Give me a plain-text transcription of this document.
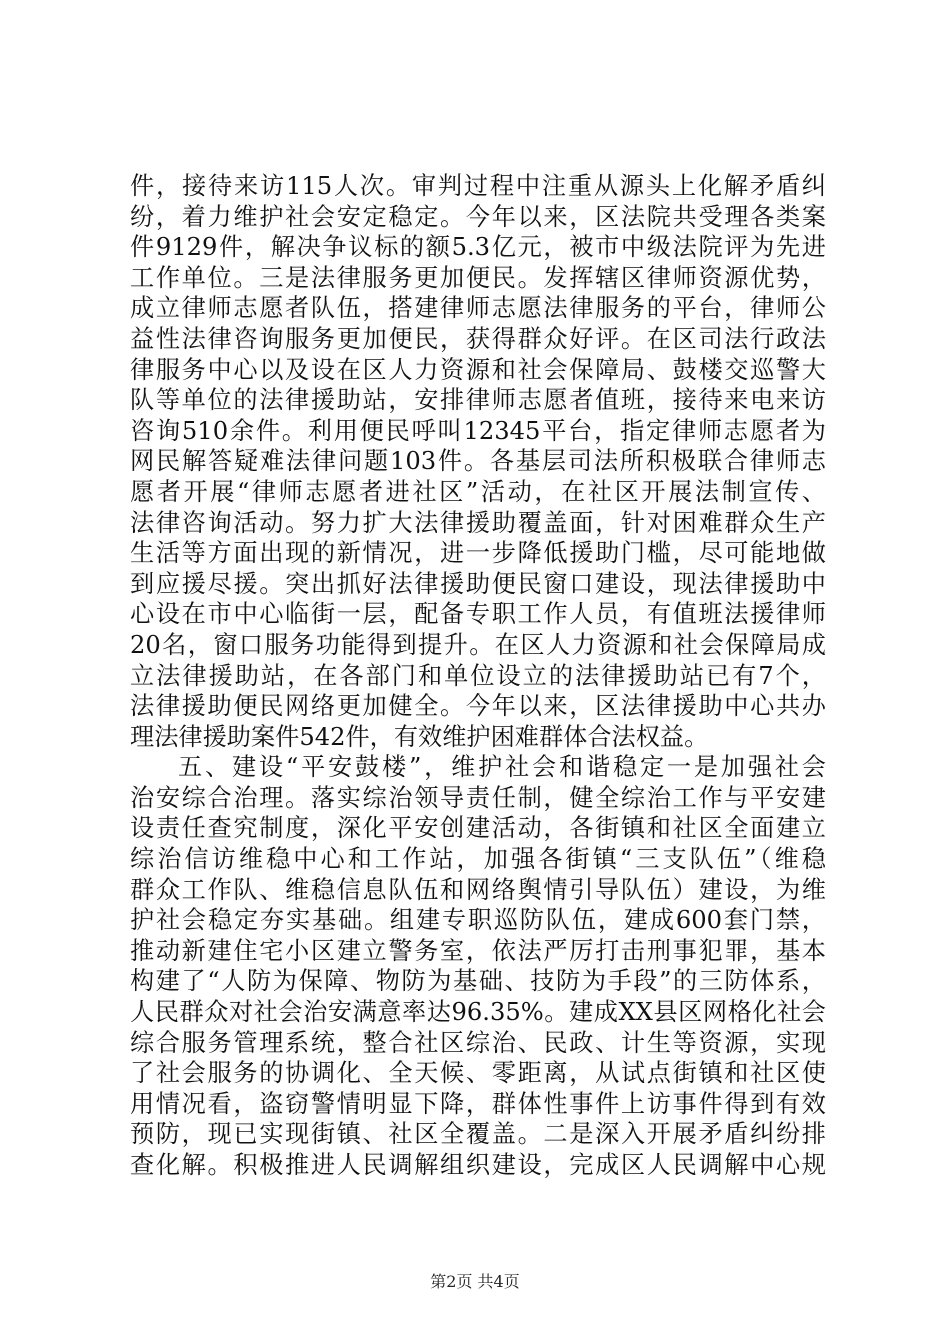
件，接待来访115人次。审判过程中注重从源头上化解矛盾纠
纷，着力维护社会安定稳定。今年以来，区法院共受理各类案
件9129件，解决争议标的额5.3亿元，被市中级法院评为先进
工作单位。三是法律服务更加便民。发挥辖区律师资源优势，
成立律师志愿者队伍，搭建律师志愿法律服务的平台，律师公
益性法律咨询服务更加便民，获得群众好评。在区司法行政法
律服务中心以及设在区人力资源和社会保障局、鼓楼交巡警大
队等单位的法律援助站，安排律师志愿者值班，接待来电来访
咨询510余件。利用便民呼叫12345平台，指定律师志愿者为
网民解答疑难法律问题103件。各基层司法所积极联合律师志
愿者开展“律师志愿者进社区”活动，在社区开展法制宣传、
法律咨询活动。努力扩大法律援助覆盖面，针对困难群众生产
生活等方面出现的新情况，进一步降低援助门槛，尽可能地做
到应援尽援。突出抓好法律援助便民窗口建设，现法律援助中
心设在市中心临街一层，配备专职工作人员，有值班法援律师
20名，窗口服务功能得到提升。在区人力资源和社会保障局成
立法律援助站，在各部门和单位设立的法律援助站已有7个，
法律援助便民网络更加健全。今年以来，区法律援助中心共办
理法律援助案件542件，有效维护困难群体合法权益。
五、建设“平安鼓楼”，维护社会和谐稳定一是加强社会
治安综合治理。落实综治领导责任制，健全综治工作与平安建
设责任查究制度，深化平安创建活动，各街镇和社区全面建立
综治信访维稳中心和工作站，加强各街镇“三支队伍”（维稳
群众工作队、维稳信息队伍和网络舆情引导队伍）建设，为维
护社会稳定夯实基础。组建专职巡防队伍，建成600套门禁，
推动新建住宅小区建立警务室，依法严厉打击刑事犯罪，基本
构建了“人防为保障、物防为基础、技防为手段”的三防体系，
人民群众对社会治安满意率达96.35%。建成XX县区网格化社会
综合服务管理系统，整合社区综治、民政、计生等资源，实现
了社会服务的协调化、全天候、零距离，从试点街镇和社区使
用情况看，盗窃警情明显下降，群体性事件上访事件得到有效
预防，现已实现街镇、社区全覆盖。二是深入开展矛盾纠纷排
查化解。积极推进人民调解组织建设，完成区人民调解中心规
第2页 共4页
